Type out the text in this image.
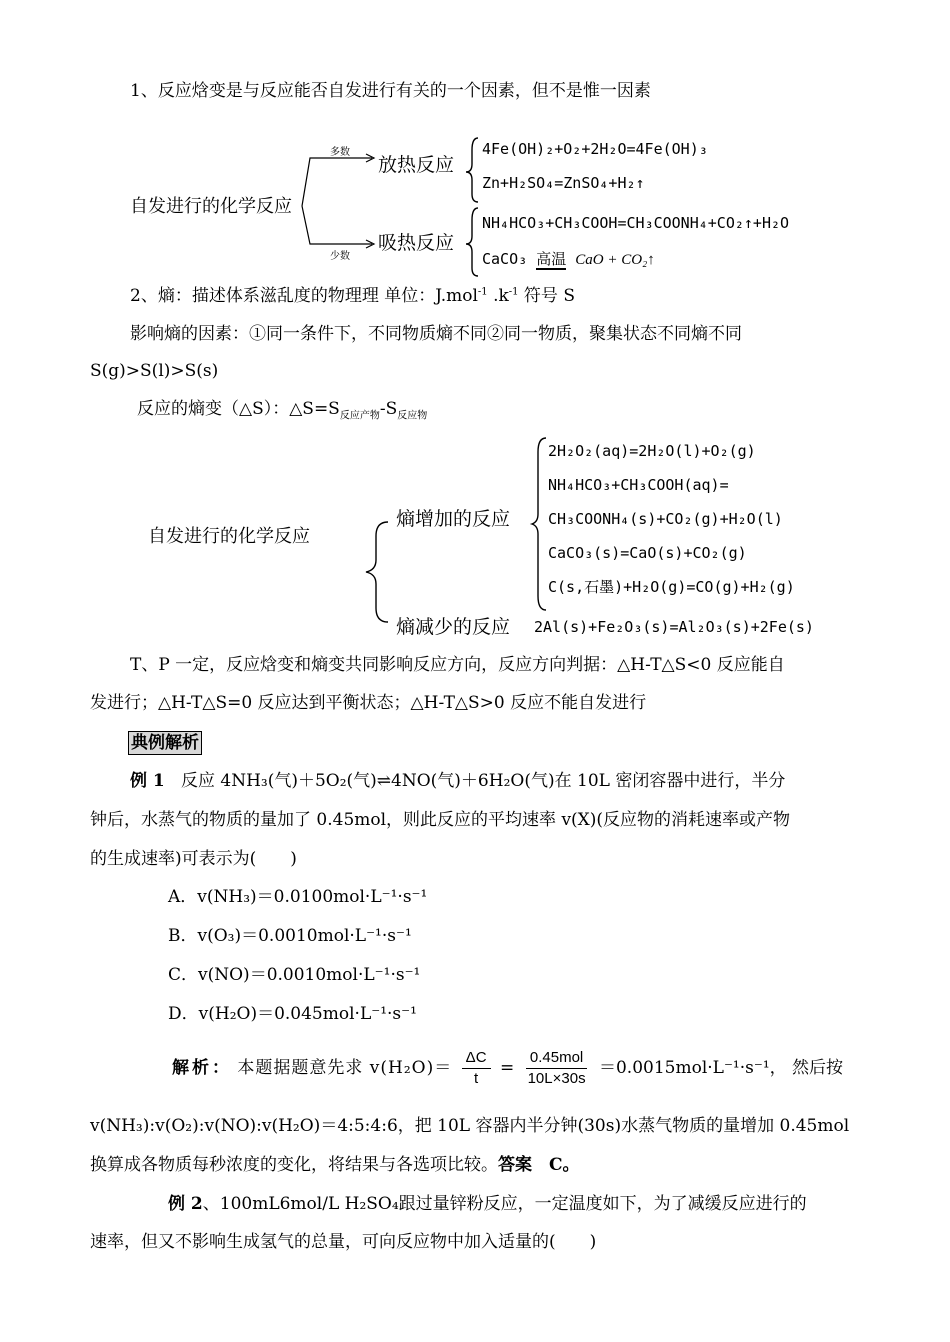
1、反应焓变是与反应能否自发进行有关的一个因素，但不是惟一因素
自发进行的化学反应
多数
少数
放热反应
吸热反应
4Fe(OH)₂+O₂+2H₂O=4Fe(OH)₃
Zn+H₂SO₄=ZnSO₄+H₂↑
NH₄HCO₃+CH₃COOH=CH₃COONH₄+CO₂↑+H₂O
CaCO₃ 高温 CaO + CO₂↑
2、熵：描述体系滋乱度的物理理 单位：J.mol$^{-1}$ $.k^{-1}$ 符号 S
影响熵的因素：①同一条件下，不同物质熵不同②同一物质，聚集状态不同熵不同
S(g)>S(l)>S(s)
反应的熵变（△S）：$\triangle S=S_{反应产物}-S_{反应物}$
自发进行的化学反应
熵增加的反应
熵减少的反应
2H₂O₂(aq)=2H₂O(l)+O₂(g)
NH₄HCO₃+CH₃COOH(aq)=
CH₃COONH₄(s)+CO₂(g)+H₂O(l)
CaCO₃(s)=CaO(s)+CO₂(g)
C(s,石墨)+H₂O(g)=CO(g)+H₂(g)
2Al(s)+Fe₂O₃(s)=Al₂O₃(s)+2Fe(s)
T、P 一定，反应焓变和熵变共同影响反应方向，反应方向判据：△H-T△S<0 反应能自
发进行；△H-T△S=0 反应达到平衡状态；△H-T△S>0 反应不能自发进行
典例解析
例 1 反应 4NH₃(气)＋5O₂(气)⇌4NO(气)＋6H₂O(气)在 10L 密闭容器中进行，半分
钟后，水蒸气的物质的量加了 0.45mol，则此反应的平均速率 v(X)(反应物的消耗速率或产物
的生成速率)可表示为(　　)
A．v(NH₃)＝0.0100mol·L⁻¹·s⁻¹
B．v(O₃)＝0.0010mol·L⁻¹·s⁻¹
C．v(NO)＝0.0010mol·L⁻¹·s⁻¹
D．v(H₂O)＝0.045mol·L⁻¹·s⁻¹
解析： 本题据题意先求 $v(H_2O)= \frac{\Delta C}{t} = \frac{\text{0.45mol}}{10L\times 30s} =0.0015mol\cdot L^{-1}\cdot s^{-1}$， 然后按
v(NH₃):v(O₂):v(NO):v(H₂O)＝4:5:4:6，把 10L 容器内半分钟(30s)水蒸气物质的量增加 0.45mol
换算成各物质每秒浓度的变化，将结果与各选项比较。答案　C。
例 2、100mL6mol/L H₂SO₄跟过量锌粉反应，一定温度如下，为了减缓反应进行的
速率，但又不影响生成氢气的总量，可向反应物中加入适量的(　　)
